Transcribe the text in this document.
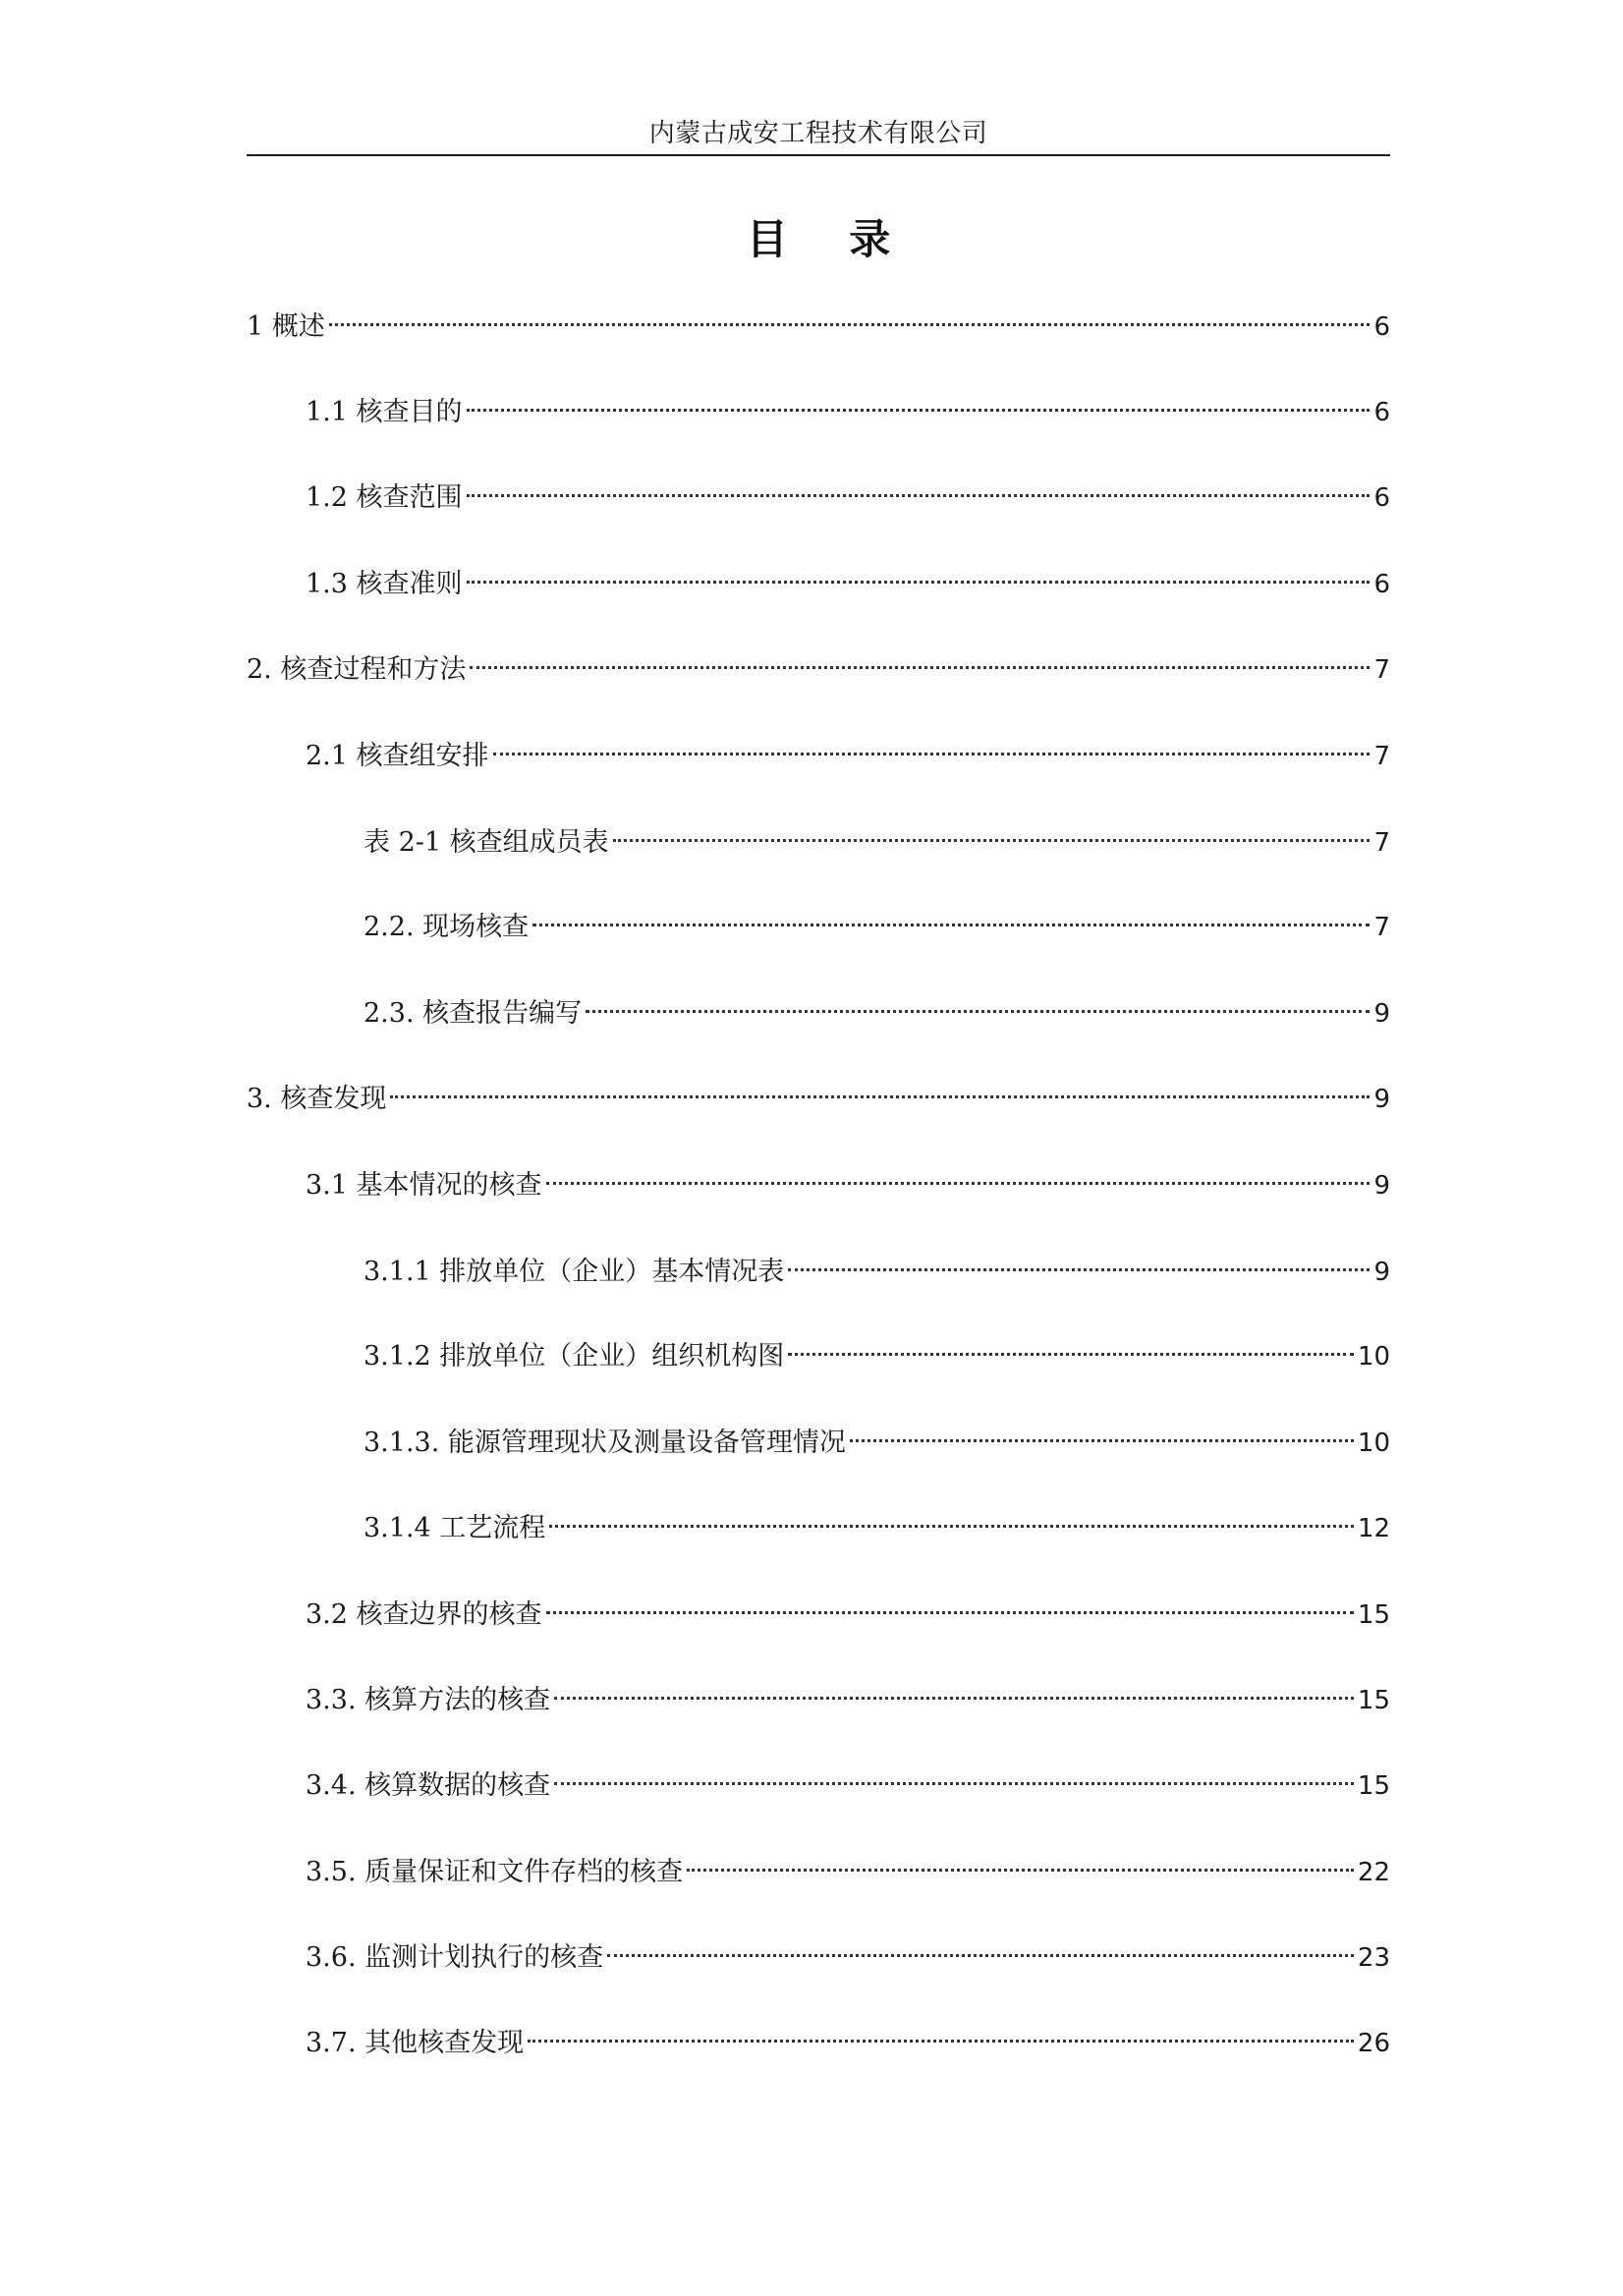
内蒙古成安工程技术有限公司
目 录
1 概述	6
1.1 核查目的	6
1.2 核查范围	6
1.3 核查准则	6
2. 核查过程和方法	7
2.1 核查组安排	7
表 2-1 核查组成员表	7
2.2. 现场核查	7
2.3. 核查报告编写	9
3. 核查发现	9
3.1 基本情况的核查	9
3.1.1 排放单位（企业）基本情况表	9
3.1.2 排放单位（企业）组织机构图	10
3.1.3. 能源管理现状及测量设备管理情况	10
3.1.4 工艺流程	12
3.2 核查边界的核查	15
3.3. 核算方法的核查	15
3.4. 核算数据的核查	15
3.5. 质量保证和文件存档的核查	22
3.6. 监测计划执行的核查	23
3.7. 其他核查发现	26
